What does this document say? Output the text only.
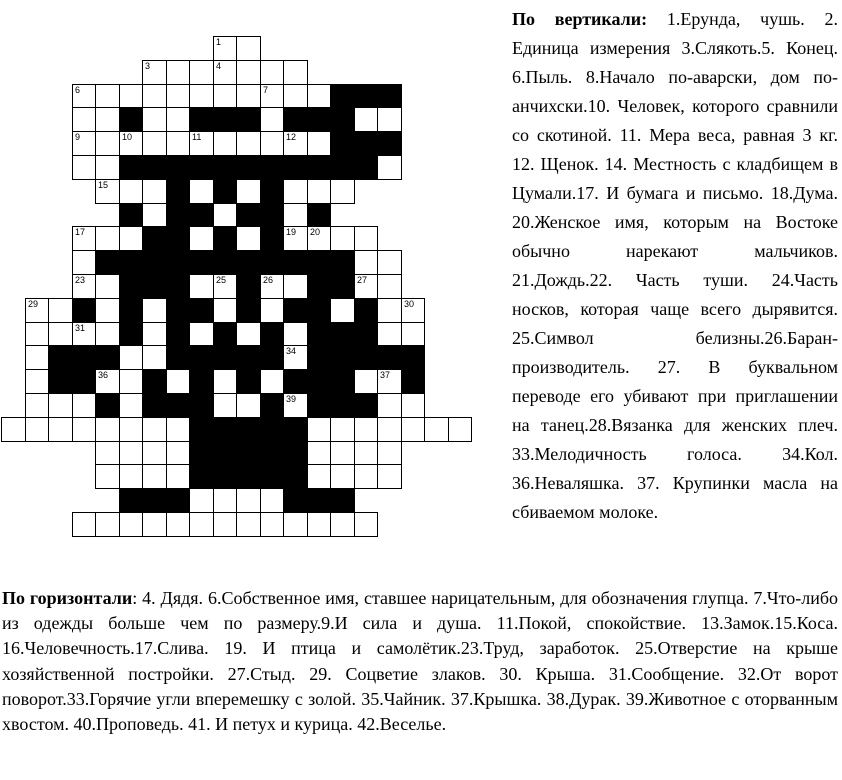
1
3	4
6	7
9	10	11	12	13 14
15	16
17	18	19 20
23	24	25	26	27
29	30
31	32
33	34
36	37
38	39
40
42
По вертикали: 1.Ерунда, чушь. 2. Единица измерения 3.Слякоть.5. Конец. 6.Пыль. 8.Начало по-аварски, дом по-анчихски.10. Человек, которого сравнили со скотиной. 11. Мера веса, равная 3 кг. 12. Щенок. 14. Местность с кладбищем в Цумали.17. И бумага и письмо. 18.Дума. 20.Женское имя, которым на Востоке обычно нарекают мальчиков. 21.Дождь.22. Часть туши. 24.Часть носков, которая чаще всего дырявится. 25.Символ белизны.26.Баран-производитель. 27. В буквальном переводе его убивают при приглашении на танец.28.Вязанка для женских плеч. 33.Мелодичность голоса. 34.Кол. 36.Неваляшка. 37. Крупинки масла на сбиваемом молоке.
По горизонтали: 4. Дядя. 6.Собственное имя, ставшее нарицательным, для обозначения глупца. 7.Что-либо из одежды больше чем по размеру.9.И сила и душа. 11.Покой, спокойствие. 13.Замок.15.Коса. 16.Человечность.17.Слива. 19. И птица и самолётик.23.Труд, заработок. 25.Отверстие на крыше хозяйственной постройки. 27.Стыд. 29. Соцветие злаков. 30. Крыша. 31.Сообщение. 32.От ворот поворот.33.Горячие угли вперемешку с золой. 35.Чайник. 37.Крышка. 38.Дурак. 39.Животное с оторванным хвостом. 40.Проповедь. 41. И петух и курица. 42.Веселье.
